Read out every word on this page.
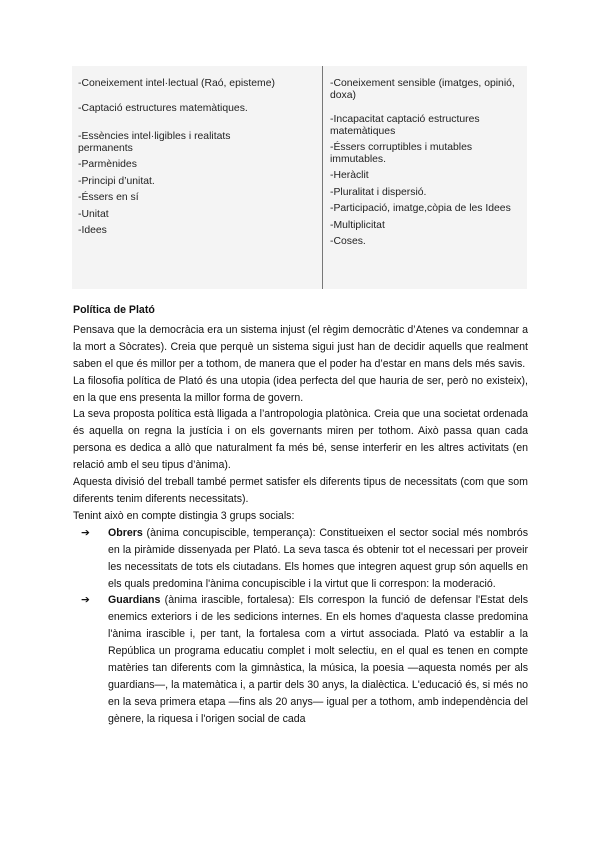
-Coneixement intel·lectual (Raó, episteme)

-Captació estructures matemàtiques.

-Essències intel·ligibles i realitats permanents

-Parmènides

-Principi d’unitat.

-Éssers en sí

-Unitat

-Idees

-Coneixement sensible (imatges, opinió, doxa)

-Incapacitat captació estructures matemàtiques

-Éssers corruptibles i mutables immutables.

-Heràclit

-Pluralitat i dispersió.

-Participació, imatge,còpia de les Idees

-Multiplicitat

-Coses.

Política de Plató

Pensava que la democràcia era un sistema injust (el règim democràtic d’Atenes va condemnar a la mort a Sòcrates). Creia que perquè un sistema sigui just han de decidir aquells que realment saben el que és millor per a tothom, de manera que el poder ha d’estar en mans dels més savis.

La filosofia política de Plató és una utopia (idea perfecta del que hauria de ser, però no existeix), en la que ens presenta la millor forma de govern.

La seva proposta política està lligada a l’antropologia platònica. Creia que una societat ordenada és aquella on regna la justícia i on els governants miren per tothom. Això passa quan cada persona es dedica a allò que naturalment fa més bé, sense interferir en les altres activitats (en relació amb el seu tipus d’ànima).

Aquesta divisió del treball també permet satisfer els diferents tipus de necessitats (com que som diferents tenim diferents necessitats).

Tenint això en compte distingia 3 grups socials:

➔	Obrers (ànima concupiscible, temperança): Constitueixen el sector social més nombrós en la piràmide dissenyada per Plató. La seva tasca és obtenir tot el necessari per proveir les necessitats de tots els ciutadans. Els homes que integren aquest grup són aquells en els quals predomina l'ànima concupiscible i la virtut que li correspon: la moderació.
➔	Guardians (ànima irascible, fortalesa): Els correspon la funció de defensar l'Estat dels enemics exteriors i de les sedicions internes. En els homes d'aquesta classe predomina l'ànima irascible i, per tant, la fortalesa com a virtut associada. Plató va establir a la República un programa educatiu complet i molt selectiu, en el qual es tenen en compte matèries tan diferents com la gimnàstica, la música, la poesia —aquesta només per als guardians—, la matemàtica i, a partir dels 30 anys, la dialèctica. L'educació és, si més no en la seva primera etapa —fins als 20 anys— igual per a tothom, amb independència del gènere, la riquesa i l'origen social de cada
